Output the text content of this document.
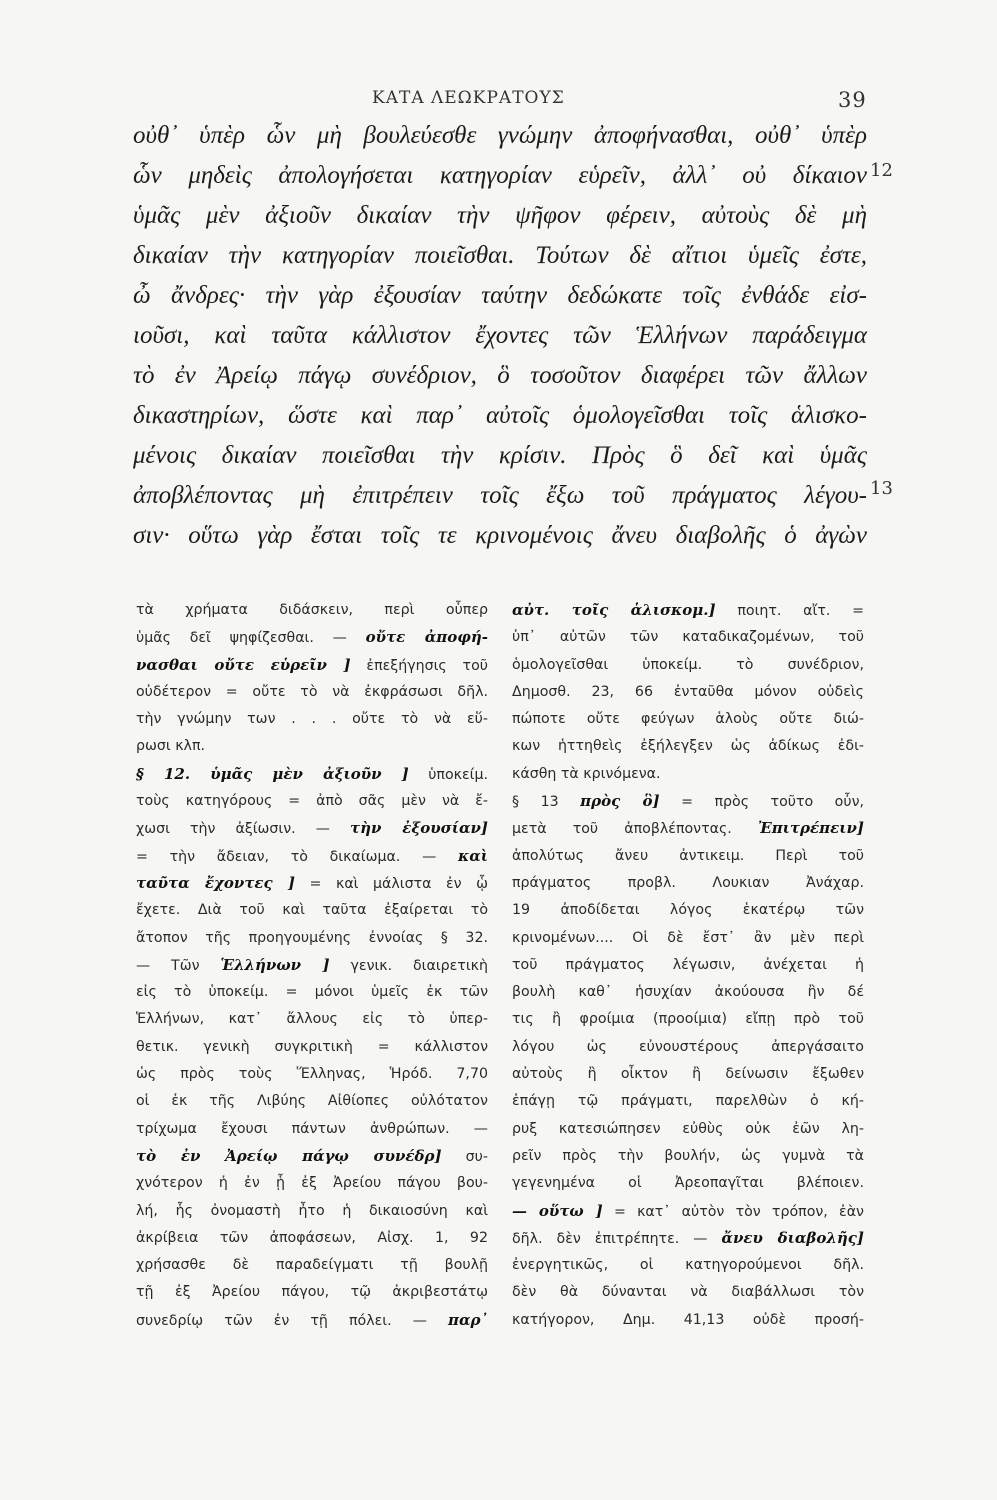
ΚΑΤΑ ΛΕΩΚΡΑΤΟΥΣ	39
οὐθ᾽ ὑπὲρ ὧν μὴ βουλεύεσθε γνώμην ἀποφήνασθαι, οὐθ᾽ ὑπὲρ
ὧν μηδεὶς ἀπολογήσεται κατηγορίαν εὑρεῖν, ἀλλ᾽ οὐ δίκαιον
ὑμᾶς μὲν ἀξιοῦν δικαίαν τὴν ψῆφον φέρειν, αὐτοὺς δὲ μὴ
δικαίαν τὴν κατηγορίαν ποιεῖσθαι. Τούτων δὲ αἴτιοι ὑμεῖς ἐστε,
ὦ ἄνδρες· τὴν γὰρ ἐξουσίαν ταύτην δεδώκατε τοῖς ἐνθάδε εἰσ-
ιοῦσι, καὶ ταῦτα κάλλιστον ἔχοντες τῶν Ἑλλήνων παράδειγμα
τὸ ἐν Ἀρείῳ πάγῳ συνέδριον, ὃ τοσοῦτον διαφέρει τῶν ἄλλων
δικαστηρίων, ὥστε καὶ παρ᾽ αὐτοῖς ὁμολογεῖσθαι τοῖς ἁλισκο-
μένοις δικαίαν ποιεῖσθαι τὴν κρίσιν. Πρὸς ὃ δεῖ καὶ ὑμᾶς
ἀποβλέποντας μὴ ἐπιτρέπειν τοῖς ἔξω τοῦ πράγματος λέγου-
σιν· οὕτω γὰρ ἔσται τοῖς τε κρινομένοις ἄνευ διαβολῆς ὁ ἀγὼν
12
13
τὰ χρήματα διδάσκειν, περὶ οὗπερ
ὑμᾶς δεῖ ψηφίζεσθαι. — οὔτε ἀποφή-
νασθαι οὔτε εὑρεῖν ] ἐπεξήγησις τοῦ
οὐδέτερον = οὔτε τὸ νὰ ἐκφράσωσι δῆλ.
τὴν γνώμην των . . . οὔτε τὸ νὰ εὕ-
ρωσι κλπ.
§ 12. ὑμᾶς μὲν ἀξιοῦν ] ὑποκείμ.
τοὺς κατηγόρους = ἀπὸ σᾶς μὲν νὰ ἔ-
χωσι τὴν ἀξίωσιν. — τὴν ἐξουσίαν]
= τὴν ἄδειαν, τὸ δικαίωμα. — καὶ
ταῦτα ἔχοντες ] = καὶ μάλιστα ἐν ᾧ
ἔχετε. Διὰ τοῦ καὶ ταῦτα ἐξαίρεται τὸ
ἄτοπον τῆς προηγουμένης ἐννοίας § 32.
— Τῶν Ἑλλήνων ] γενικ. διαιρετικὴ
εἰς τὸ ὑποκείμ. = μόνοι ὑμεῖς ἐκ τῶν
Ἑλλήνων, κατ᾽ ἄλλους εἰς τὸ ὑπερ-
θετικ. γενικὴ συγκριτικὴ = κάλλιστον
ὡς πρὸς τοὺς Ἕλληνας, Ἡρόδ. 7,70
οἱ ἐκ τῆς Λιβύης Αἰθίοπες οὐλότατον
τρίχωμα ἔχουσι πάντων ἀνθρώπων. —
τὸ ἐν Ἀρείῳ πάγῳ συνέδρ] συ-
χνότερον ἡ ἐν ᾗ ἐξ Ἀρείου πάγου βου-
λή, ἧς ὀνομαστὴ ἦτο ἡ δικαιοσύνη καὶ
ἀκρίβεια τῶν ἀποφάσεων, Αἰσχ. 1, 92
χρήσασθε δὲ παραδείγματι τῇ βουλῇ
τῇ ἐξ Ἀρείου πάγου, τῷ ἀκριβεστάτῳ
συνεδρίῳ τῶν ἐν τῇ πόλει. — παρ᾽
αὐτ. τοῖς ἁλισκομ.] ποιητ. αἴτ. =
ὑπ᾽ αὐτῶν τῶν καταδικαζομένων, τοῦ
ὁμολογεῖσθαι ὑποκείμ. τὸ συνέδριον,
Δημοσθ. 23, 66 ἐνταῦθα μόνον οὐδεὶς
πώποτε οὔτε φεύγων ἁλοὺς οὔτε διώ-
κων ἡττηθεὶς ἐξήλεγξεν ὡς ἀδίκως ἐδι-
κάσθη τὰ κρινόμενα.
§ 13 πρὸς ὃ] = πρὸς τοῦτο οὖν,
μετὰ τοῦ ἀποβλέποντας. Ἐπιτρέπειν]
ἀπολύτως ἄνευ ἀντικειμ. Περὶ τοῦ
πράγματος προβλ. Λουκιαν Ἀνάχαρ.
19 ἀποδίδεται λόγος ἑκατέρῳ τῶν
κρινομένων.... Οἱ δὲ ἔστ᾽ ἂν μὲν περὶ
τοῦ πράγματος λέγωσιν, ἀνέχεται ἡ
βουλὴ καθ᾽ ἡσυχίαν ἀκούουσα ἢν δέ
τις ἢ φροίμια (προοίμια) εἴπῃ πρὸ τοῦ
λόγου ὡς εὐνουστέρους ἀπεργάσαιτο
αὐτοὺς ἢ οἶκτον ἢ δείνωσιν ἔξωθεν
ἐπάγῃ τῷ πράγματι, παρελθὼν ὁ κή-
ρυξ κατεσιώπησεν εὐθὺς οὐκ ἐῶν λη-
ρεῖν πρὸς τὴν βουλήν, ὡς γυμνὰ τὰ
γεγενημένα οἱ Ἀρεοπαγῖται βλέποιεν.
— οὕτω ] = κατ᾽ αὐτὸν τὸν τρόπον, ἐὰν
δῆλ. δὲν ἐπιτρέπητε. — ἄνευ διαβολῆς]
ἐνεργητικῶς, οἱ κατηγορούμενοι δῆλ.
δὲν θὰ δύνανται νὰ διαβάλλωσι τὸν
κατήγορον, Δημ. 41,13 οὐδὲ προσή-
